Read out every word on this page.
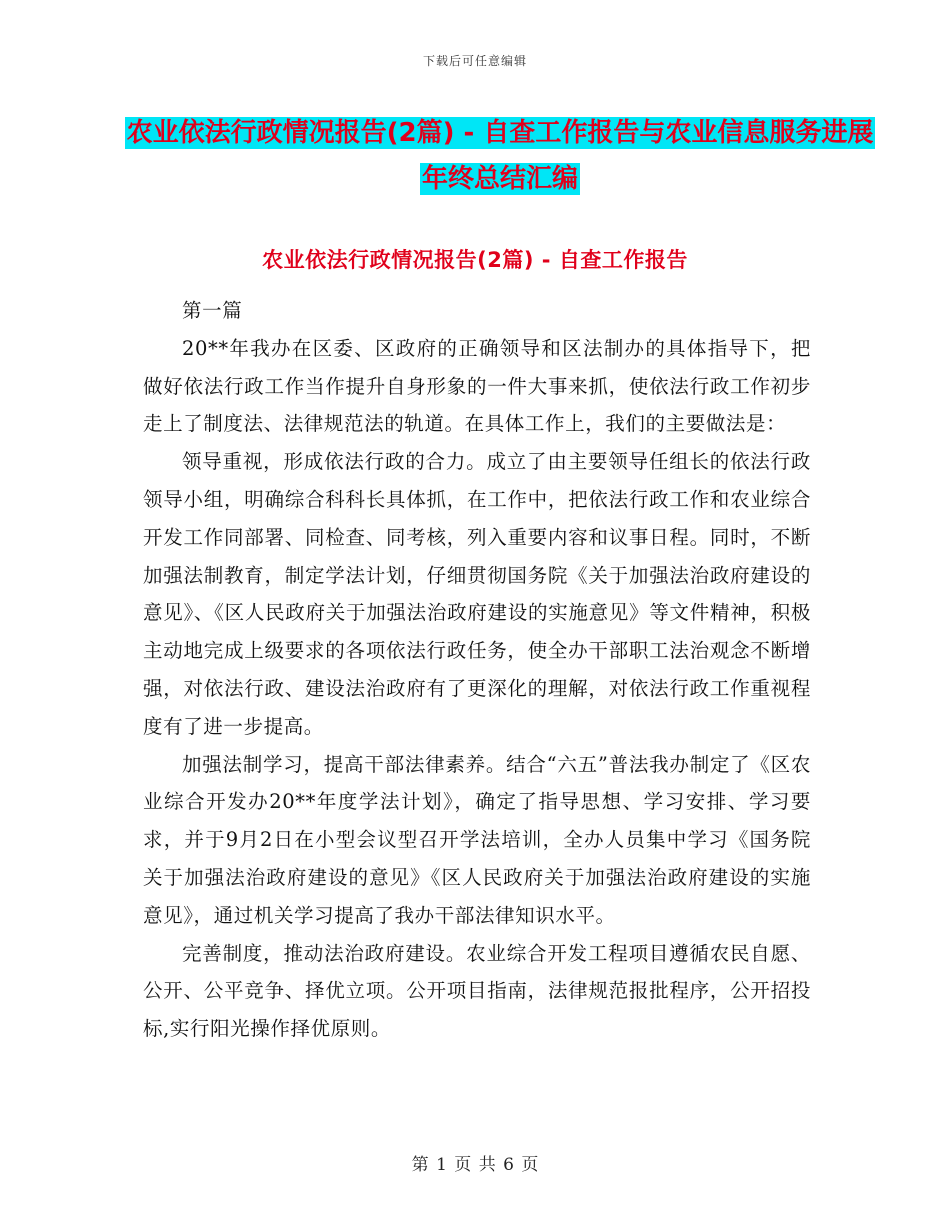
下载后可任意编辑
农业依法行政情况报告(2篇) - 自查工作报告与农业信息服务进展年终总结汇编
农业依法行政情况报告(2篇) - 自查工作报告

第一篇

20**年我办在区委、区政府的正确领导和区法制办的具体指导下，把做好依法行政工作当作提升自身形象的一件大事来抓，使依法行政工作初步走上了制度法、法律规范法的轨道。在具体工作上，我们的主要做法是：

领导重视，形成依法行政的合力。成立了由主要领导任组长的依法行政领导小组，明确综合科科长具体抓，在工作中，把依法行政工作和农业综合开发工作同部署、同检查、同考核，列入重要内容和议事日程。同时，不断加强法制教育，制定学法计划，仔细贯彻国务院《关于加强法治政府建设的意见》、《区人民政府关于加强法治政府建设的实施意见》等文件精神，积极主动地完成上级要求的各项依法行政任务，使全办干部职工法治观念不断增强，对依法行政、建设法治政府有了更深化的理解，对依法行政工作重视程度有了进一步提高。

加强法制学习，提高干部法律素养。结合“六五”普法我办制定了《区农业综合开发办20**年度学法计划》，确定了指导思想、学习安排、学习要求，并于9月2日在小型会议型召开学法培训，全办人员集中学习《国务院关于加强法治政府建设的意见》《区人民政府关于加强法治政府建设的实施意见》，通过机关学习提高了我办干部法律知识水平。

完善制度，推动法治政府建设。农业综合开发工程项目遵循农民自愿、公开、公平竞争、择优立项。公开项目指南，法律规范报批程序，公开招投标,实行阳光操作择优原则。

第 1 页 共 6 页
